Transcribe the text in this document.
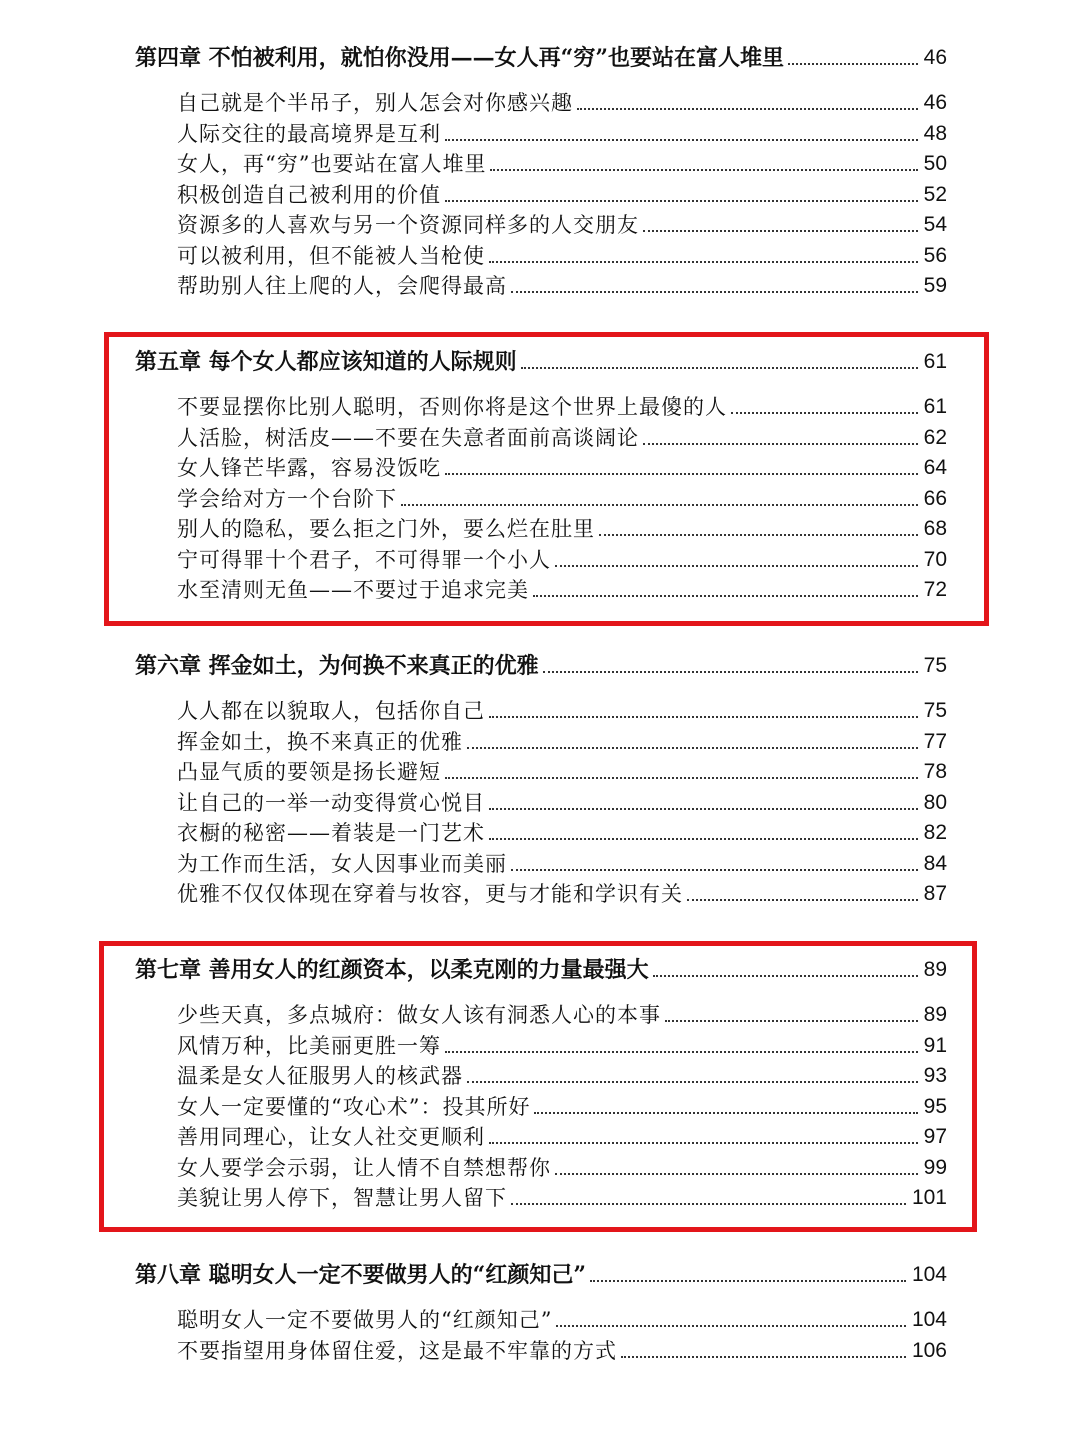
第四章 不怕被利用，就怕你没用——女人再“穷”也要站在富人堆里	46
自己就是个半吊子，别人怎会对你感兴趣	46
人际交往的最高境界是互利	48
女人，再“穷”也要站在富人堆里	50
积极创造自己被利用的价值	52
资源多的人喜欢与另一个资源同样多的人交朋友	54
可以被利用，但不能被人当枪使	56
帮助别人往上爬的人，会爬得最高	59
第五章 每个女人都应该知道的人际规则	61
不要显摆你比别人聪明，否则你将是这个世界上最傻的人	61
人活脸，树活皮——不要在失意者面前高谈阔论	62
女人锋芒毕露，容易没饭吃	64
学会给对方一个台阶下	66
别人的隐私，要么拒之门外，要么烂在肚里	68
宁可得罪十个君子，不可得罪一个小人	70
水至清则无鱼——不要过于追求完美	72
第六章 挥金如土，为何换不来真正的优雅	75
人人都在以貌取人，包括你自己	75
挥金如土，换不来真正的优雅	77
凸显气质的要领是扬长避短	78
让自己的一举一动变得赏心悦目	80
衣橱的秘密——着装是一门艺术	82
为工作而生活，女人因事业而美丽	84
优雅不仅仅体现在穿着与妆容，更与才能和学识有关	87
第七章 善用女人的红颜资本，以柔克刚的力量最强大	89
少些天真，多点城府：做女人该有洞悉人心的本事	89
风情万种，比美丽更胜一筹	91
温柔是女人征服男人的核武器	93
女人一定要懂的“攻心术”：投其所好	95
善用同理心，让女人社交更顺利	97
女人要学会示弱，让人情不自禁想帮你	99
美貌让男人停下，智慧让男人留下	101
第八章 聪明女人一定不要做男人的“红颜知己”	104
聪明女人一定不要做男人的“红颜知己”	104
不要指望用身体留住爱，这是最不牢靠的方式	106
